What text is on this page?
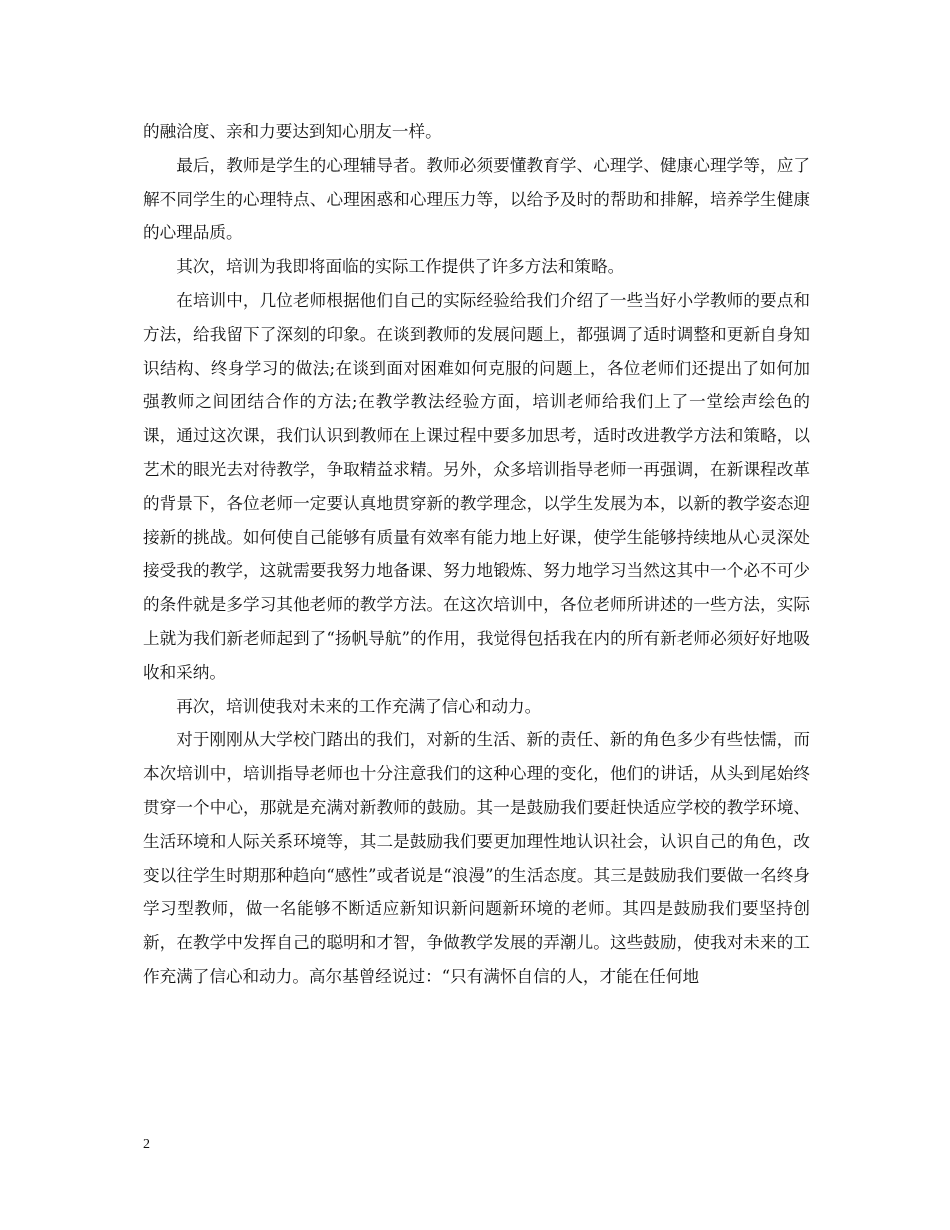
的融洽度、亲和力要达到知心朋友一样。

最后，教师是学生的心理辅导者。教师必须要懂教育学、心理学、健康心理学等，应了解不同学生的心理特点、心理困惑和心理压力等，以给予及时的帮助和排解，培养学生健康的心理品质。

其次，培训为我即将面临的实际工作提供了许多方法和策略。

在培训中，几位老师根据他们自己的实际经验给我们介绍了一些当好小学教师的要点和方法，给我留下了深刻的印象。在谈到教师的发展问题上，都强调了适时调整和更新自身知识结构、终身学习的做法;在谈到面对困难如何克服的问题上，各位老师们还提出了如何加强教师之间团结合作的方法;在教学教法经验方面，培训老师给我们上了一堂绘声绘色的课，通过这次课，我们认识到教师在上课过程中要多加思考，适时改进教学方法和策略，以艺术的眼光去对待教学，争取精益求精。另外，众多培训指导老师一再强调，在新课程改革的背景下，各位老师一定要认真地贯穿新的教学理念，以学生发展为本，以新的教学姿态迎接新的挑战。如何使自己能够有质量有效率有能力地上好课，使学生能够持续地从心灵深处接受我的教学，这就需要我努力地备课、努力地锻炼、努力地学习当然这其中一个必不可少的条件就是多学习其他老师的教学方法。在这次培训中，各位老师所讲述的一些方法，实际上就为我们新老师起到了“扬帆导航”的作用，我觉得包括我在内的所有新老师必须好好地吸收和采纳。

再次，培训使我对未来的工作充满了信心和动力。

对于刚刚从大学校门踏出的我们，对新的生活、新的责任、新的角色多少有些怯懦，而本次培训中，培训指导老师也十分注意我们的这种心理的变化，他们的讲话，从头到尾始终贯穿一个中心，那就是充满对新教师的鼓励。其一是鼓励我们要赶快适应学校的教学环境、生活环境和人际关系环境等，其二是鼓励我们要更加理性地认识社会，认识自己的角色，改变以往学生时期那种趋向“感性”或者说是“浪漫”的生活态度。其三是鼓励我们要做一名终身学习型教师，做一名能够不断适应新知识新问题新环境的老师。其四是鼓励我们要坚持创新，在教学中发挥自己的聪明和才智，争做教学发展的弄潮儿。这些鼓励，使我对未来的工作充满了信心和动力。高尔基曾经说过：“只有满怀自信的人，才能在任何地

2
